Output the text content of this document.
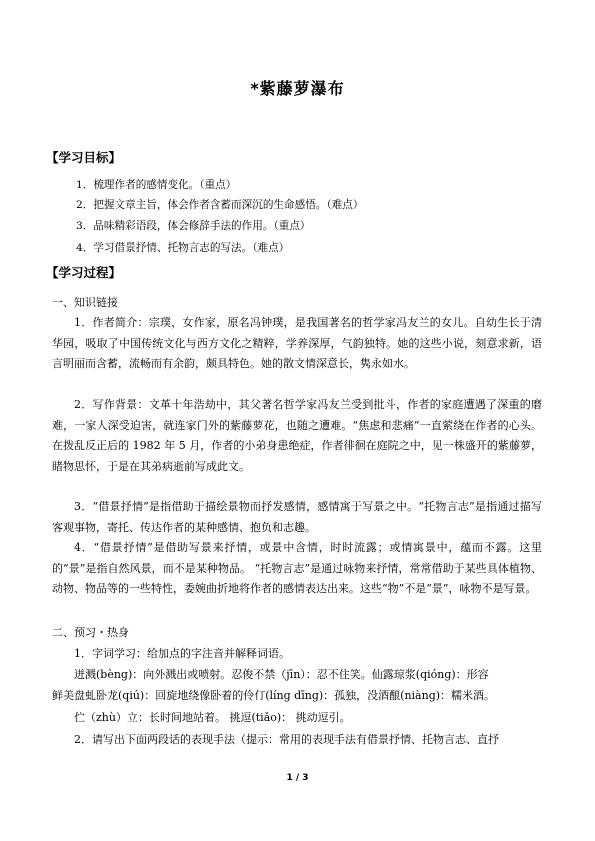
*紫藤萝瀑布
【学习目标】
1．梳理作者的感情变化。（重点）
2．把握文章主旨，体会作者含蓄而深沉的生命感悟。（难点）
3．品味精彩语段，体会修辞手法的作用。（重点）
4．学习借景抒情、托物言志的写法。（难点）
【学习过程】
一、知识链接
1．作者简介：宗璞，女作家，原名冯钟璞，是我国著名的哲学家冯友兰的女儿。自幼生长于清华园，吸取了中国传统文化与西方文化之精粹，学养深厚，气韵独特。她的这些小说，刻意求新，语言明丽而含蓄，流畅而有余韵，颇具特色。她的散文情深意长，隽永如水。
2．写作背景：文革十年浩劫中，其父著名哲学家冯友兰受到批斗，作者的家庭遭遇了深重的磨难，一家人深受迫害，就连家门外的紫藤萝花，也随之遭难。“焦虑和悲痛”一直萦绕在作者的心头。在拨乱反正后的 1982 年 5 月，作者的小弟身患绝症，作者徘徊在庭院之中，见一株盛开的紫藤萝，睹物思怀，于是在其弟病逝前写成此文。
3．“借景抒情”是指借助于描绘景物而抒发感情，感情寓于写景之中。“托物言志”是指通过描写客观事物，寄托、传达作者的某种感情、抱负和志趣。
4．“借景抒情”是借助写景来抒情，或景中含情，时时流露；或情寓景中，蕴而不露。这里的“景”是指自然风景，而不是某种物品。 “托物言志”是通过咏物来抒情，常常借助于某些具体植物、动物、物品等的一些特性，委婉曲折地将作者的感情表达出来。这些“物”不是“景”，咏物不是写景。
二、预习・热身
1．字词学习：给加点的字注音并解释词语。
迸溅(bèng)：向外溅出或喷射。忍俊不禁（jīn）：忍不住笑。仙露琼浆(qióng)：形容
鲜美盘虬卧龙(qiú)：回旋地绕像卧着的伶仃(líng dīng)：孤独，没酒酿(niàng)：糯米酒。
伫（zhù）立：长时间地站着。 挑逗(tiǎo)： 挑动逗引。
2．请写出下面两段话的表现手法（提示：常用的表现手法有借景抒情、托物言志、直抒
1 / 3
